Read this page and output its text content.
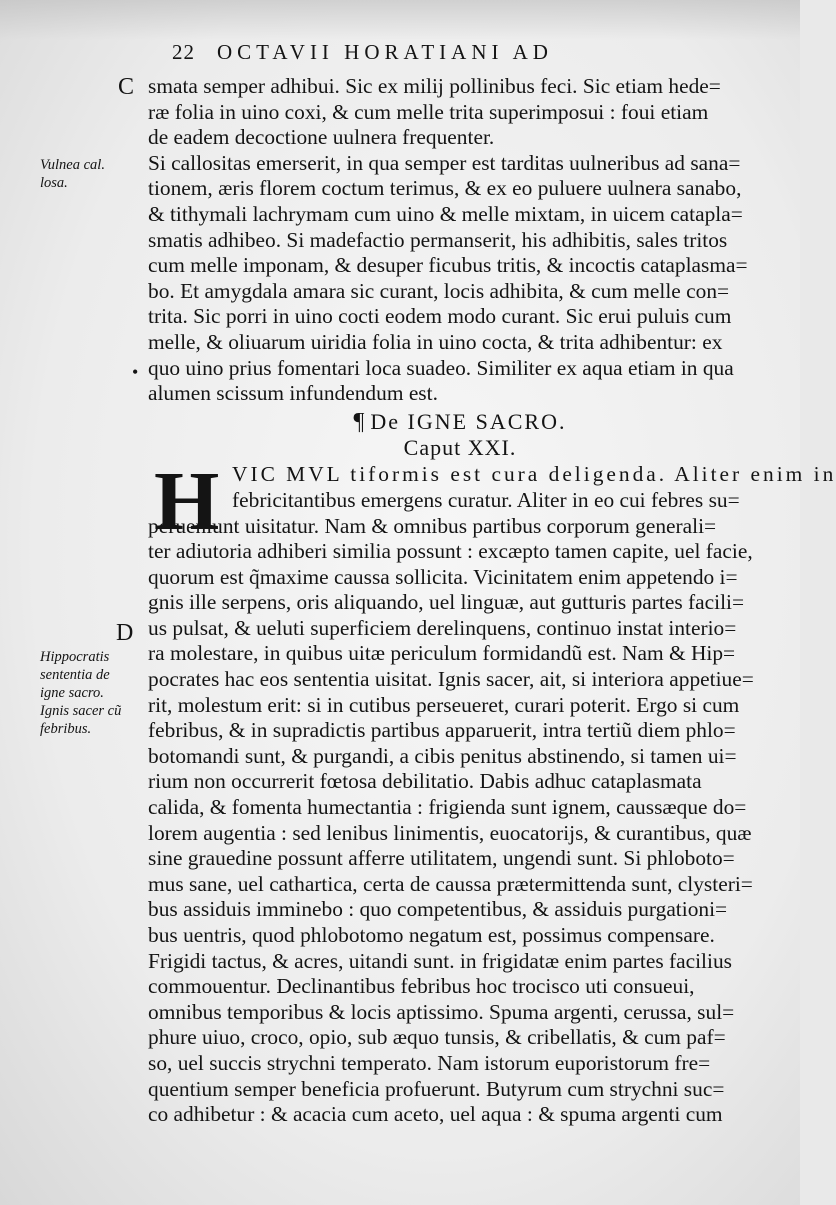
22 OCTAVII HORATIANI AD
C
D
Vulnea cal.
losa.
Hippocratis
sententia de
igne sacro.
Ignis sacer cũ
febribus.
•
smata semper adhibui. Sic ex milij pollinibus feci. Sic etiam hede=
ræ folia in uino coxi, & cum melle trita superimposui : foui etiam
de eadem decoctione uulnera frequenter.
Si callositas emerserit, in qua semper est tarditas uulneribus ad sana=
tionem, æris florem coctum terimus, & ex eo puluere uulnera sanabo,
& tithymali lachrymam cum uino & melle mixtam, in uicem catapla=
smatis adhibeo. Si madefactio permanserit, his adhibitis, sales tritos
cum melle imponam, & desuper ficubus tritis, & incoctis cataplasma=
bo. Et amygdala amara sic curant, locis adhibita, & cum melle con=
trita. Sic porri in uino cocti eodem modo curant. Sic erui puluis cum
melle, & oliuarum uiridia folia in uino cocta, & trita adhibentur: ex
quo uino prius fomentari loca suadeo. Similiter ex aqua etiam in qua
alumen scissum infundendum est.
¶ De IGNE SACRO.
Caput XXI.
H VIC MVL tiformis est cura deligenda. Aliter enim in
febricitantibus emergens curatur. Aliter in eo cui febres su=
perueniunt uisitatur. Nam & omnibus partibus corporum generali=
ter adiutoria adhiberi similia possunt : excæpto tamen capite, uel facie,
quorum est q̃maxime caussa sollicita. Vicinitatem enim appetendo i=
gnis ille serpens, oris aliquando, uel linguæ, aut gutturis partes facili=
us pulsat, & ueluti superficiem derelinquens, continuo instat interio=
ra molestare, in quibus uitæ periculum formidandũ est. Nam & Hip=
pocrates hac eos sententia uisitat. Ignis sacer, ait, si interiora appetiue=
rit, molestum erit: si in cutibus perseueret, curari poterit. Ergo si cum
febribus, & in supradictis partibus apparuerit, intra tertiũ diem phlo=
botomandi sunt, & purgandi, a cibis penitus abstinendo, si tamen ui=
rium non occurrerit fœtosa debilitatio. Dabis adhuc cataplasmata
calida, & fomenta humectantia : frigienda sunt ignem, caussæque do=
lorem augentia : sed lenibus linimentis, euocatorijs, & curantibus, quæ
sine grauedine possunt afferre utilitatem, ungendi sunt. Si phloboto=
mus sane, uel cathartica, certa de caussa prætermittenda sunt, clysteri=
bus assiduis imminebo : quo competentibus, & assiduis purgationi=
bus uentris, quod phlobotomo negatum est, possimus compensare.
Frigidi tactus, & acres, uitandi sunt. in frigidatæ enim partes facilius
commouentur. Declinantibus febribus hoc trocisco uti consueui,
omnibus temporibus & locis aptissimo. Spuma argenti, cerussa, sul=
phure uiuo, croco, opio, sub æquo tunsis, & cribellatis, & cum paf=
so, uel succis strychni temperato. Nam istorum euporistorum fre=
quentium semper beneficia profuerunt. Butyrum cum strychni suc=
co adhibetur : & acacia cum aceto, uel aqua : & spuma argenti cum
